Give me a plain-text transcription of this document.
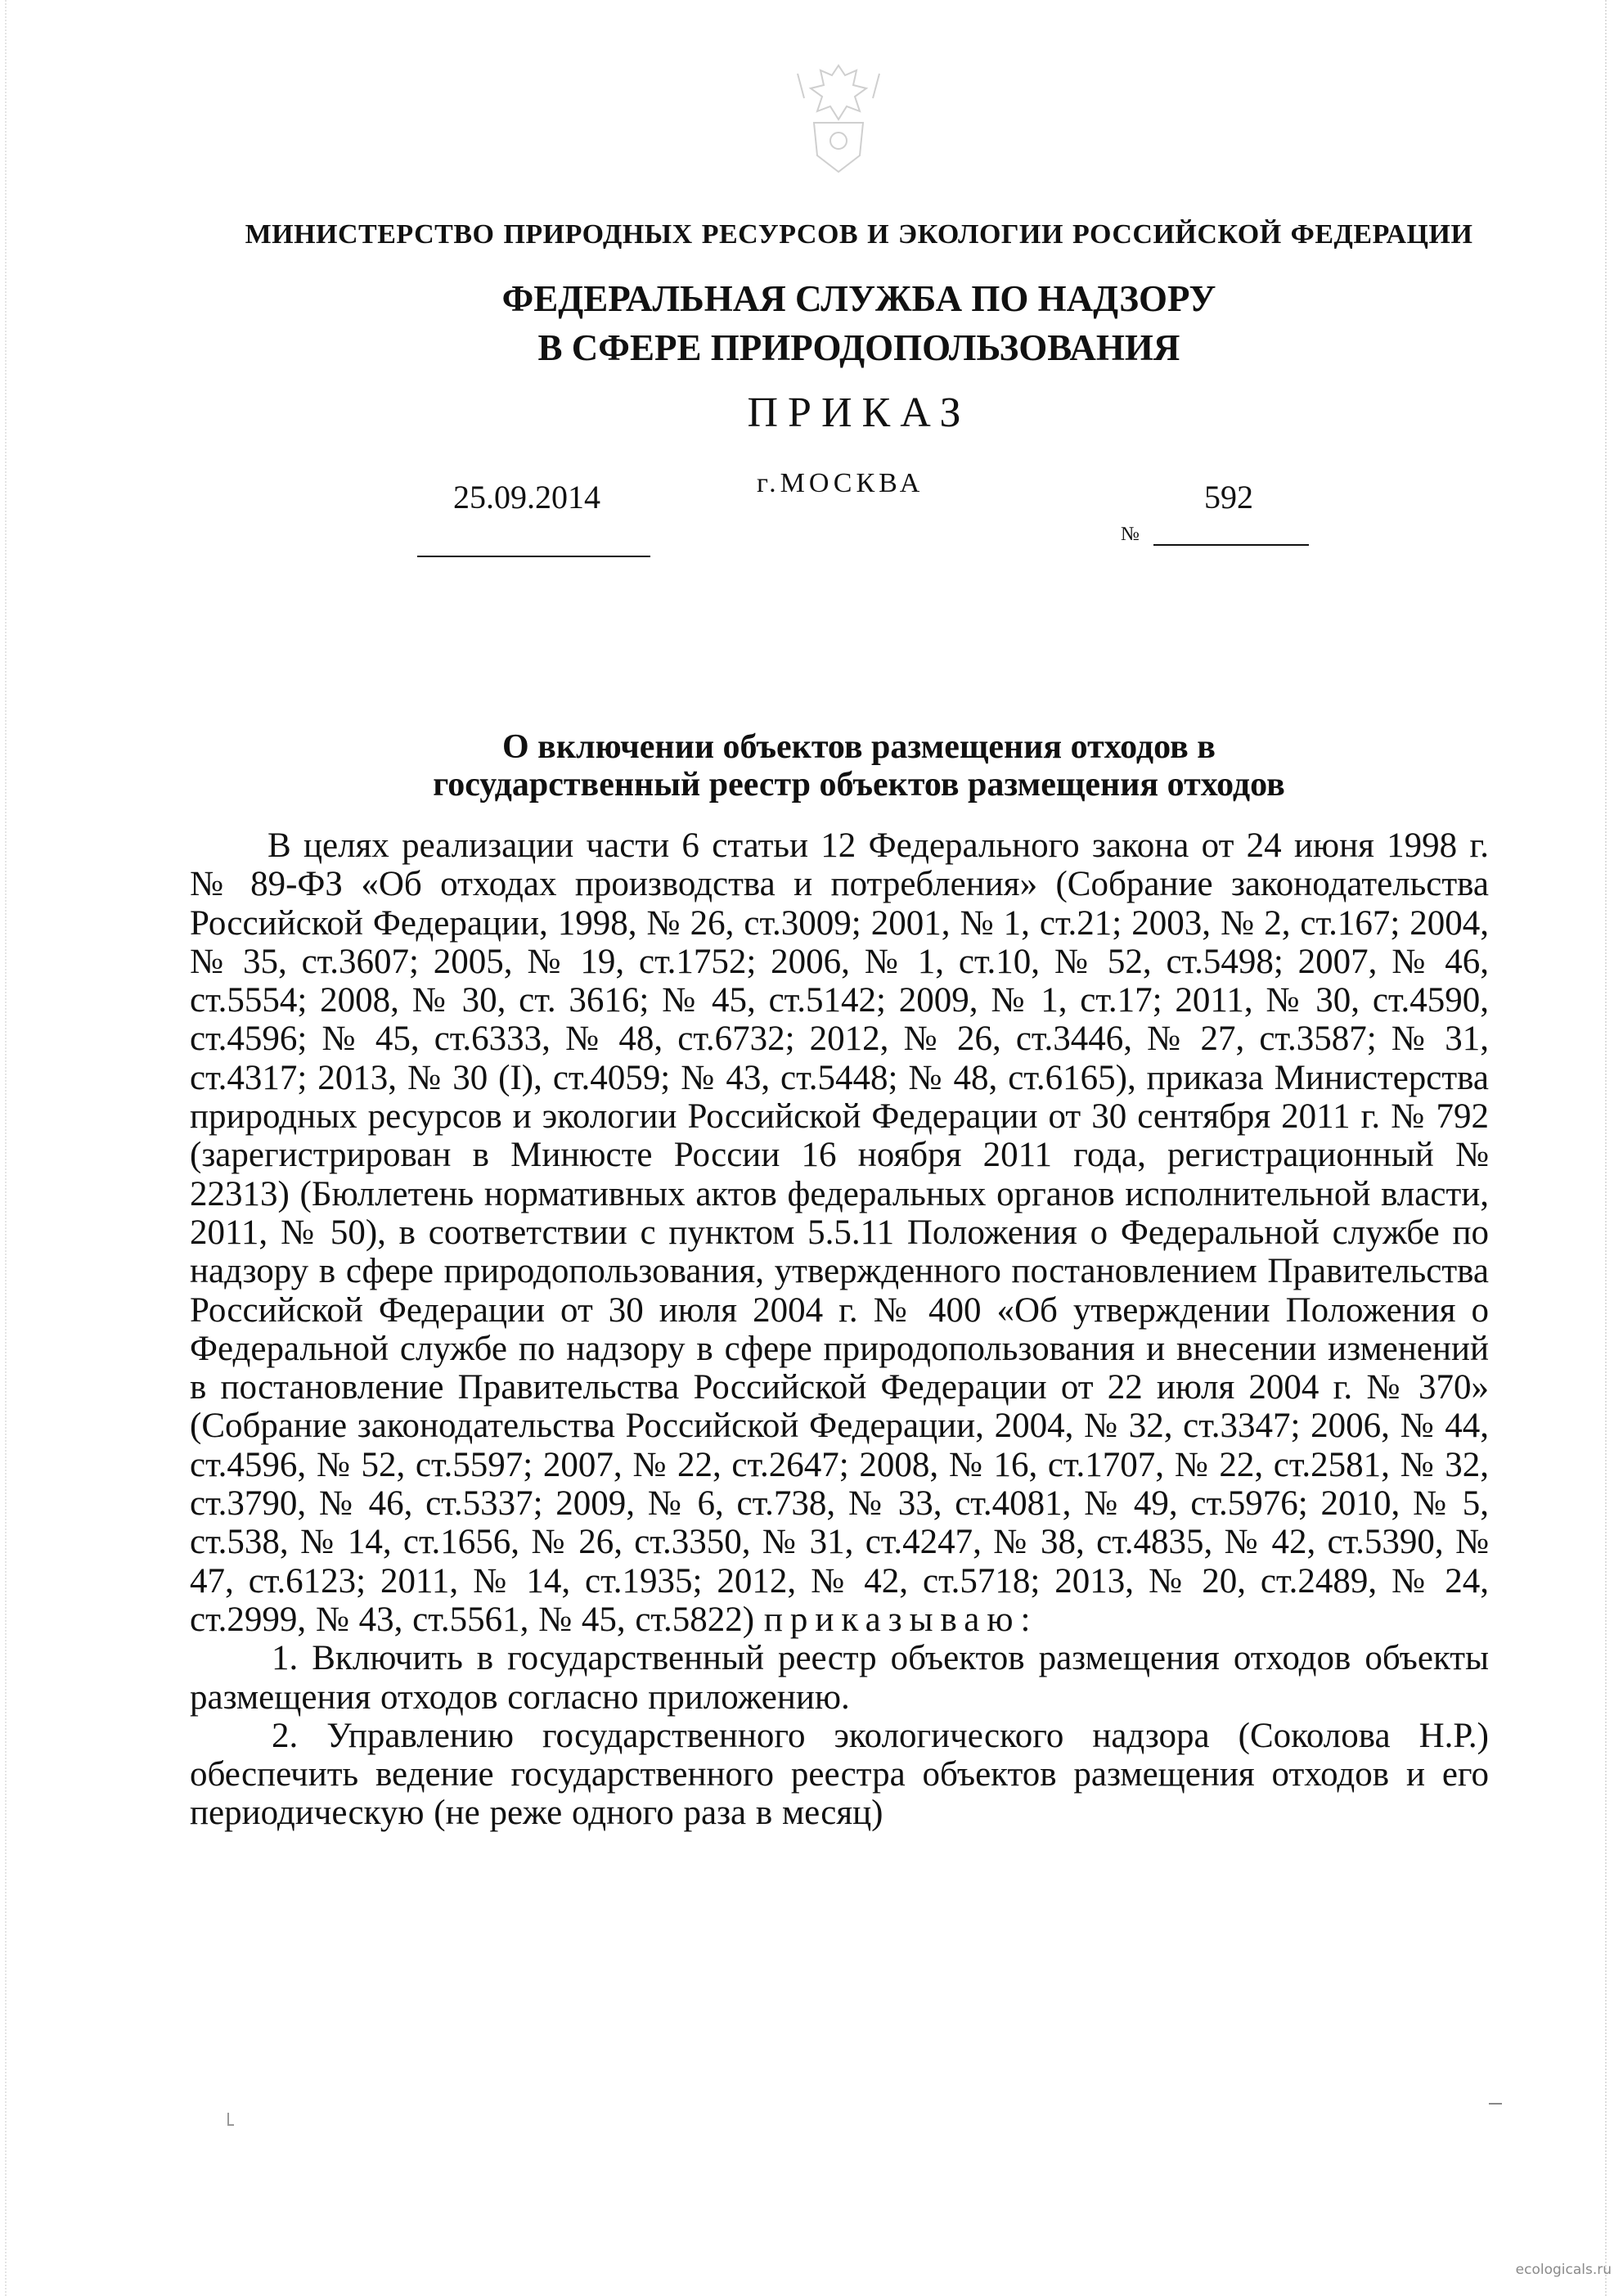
МИНИСТЕРСТВО ПРИРОДНЫХ РЕСУРСОВ И ЭКОЛОГИИ РОССИЙСКОЙ ФЕДЕРАЦИИ
ФЕДЕРАЛЬНАЯ СЛУЖБА ПО НАДЗОРУ
В СФЕРЕ ПРИРОДОПОЛЬЗОВАНИЯ
ПРИКАЗ
25.09.2014	г.МОСКВА	592
№
О включении объектов размещения отходов в
государственный реестр объектов размещения отходов

В целях реализации части 6 статьи 12 Федерального закона от 24 июня 1998 г. № 89-ФЗ «Об отходах производства и потребления» (Собрание законодательства Российской Федерации, 1998, № 26, ст.3009; 2001, № 1, ст.21; 2003, № 2, ст.167; 2004, № 35, ст.3607; 2005, № 19, ст.1752; 2006, № 1, ст.10, № 52, ст.5498; 2007, № 46, ст.5554; 2008, № 30, ст. 3616; № 45, ст.5142; 2009, № 1, ст.17; 2011, № 30, ст.4590, ст.4596; № 45, ст.6333, № 48, ст.6732; 2012, № 26, ст.3446, № 27, ст.3587; № 31, ст.4317; 2013, № 30 (I), ст.4059; № 43, ст.5448; № 48, ст.6165), приказа Министерства природных ресурсов и экологии Российской Федерации от 30 сентября 2011 г. № 792 (зарегистрирован в Минюсте России 16 ноября 2011 года, регистрационный № 22313) (Бюллетень нормативных актов федеральных органов исполнительной власти, 2011, № 50), в соответствии с пунктом 5.5.11 Положения о Федеральной службе по надзору в сфере природопользования, утвержденного постановлением Правительства Российской Федерации от 30 июля 2004 г. № 400 «Об утверждении Положения о Федеральной службе по надзору в сфере природопользования и внесении изменений в постановление Правительства Российской Федерации от 22 июля 2004 г. № 370» (Собрание законодательства Российской Федерации, 2004, № 32, ст.3347; 2006, № 44, ст.4596, № 52, ст.5597; 2007, № 22, ст.2647; 2008, № 16, ст.1707, № 22, ст.2581, № 32, ст.3790, № 46, ст.5337; 2009, № 6, ст.738, № 33, ст.4081, № 49, ст.5976; 2010, № 5, ст.538, № 14, ст.1656, № 26, ст.3350, № 31, ст.4247, № 38, ст.4835, № 42, ст.5390, № 47, ст.6123; 2011, № 14, ст.1935; 2012, № 42, ст.5718; 2013, № 20, ст.2489, № 24, ст.2999, № 43, ст.5561, № 45, ст.5822) приказываю:

1. Включить в государственный реестр объектов размещения отходов объекты размещения отходов согласно приложению.

2. Управлению государственного экологического надзора (Соколова Н.Р.) обеспечить ведение государственного реестра объектов размещения отходов и его периодическую (не реже одного раза в месяц)

ecologicals.ru
